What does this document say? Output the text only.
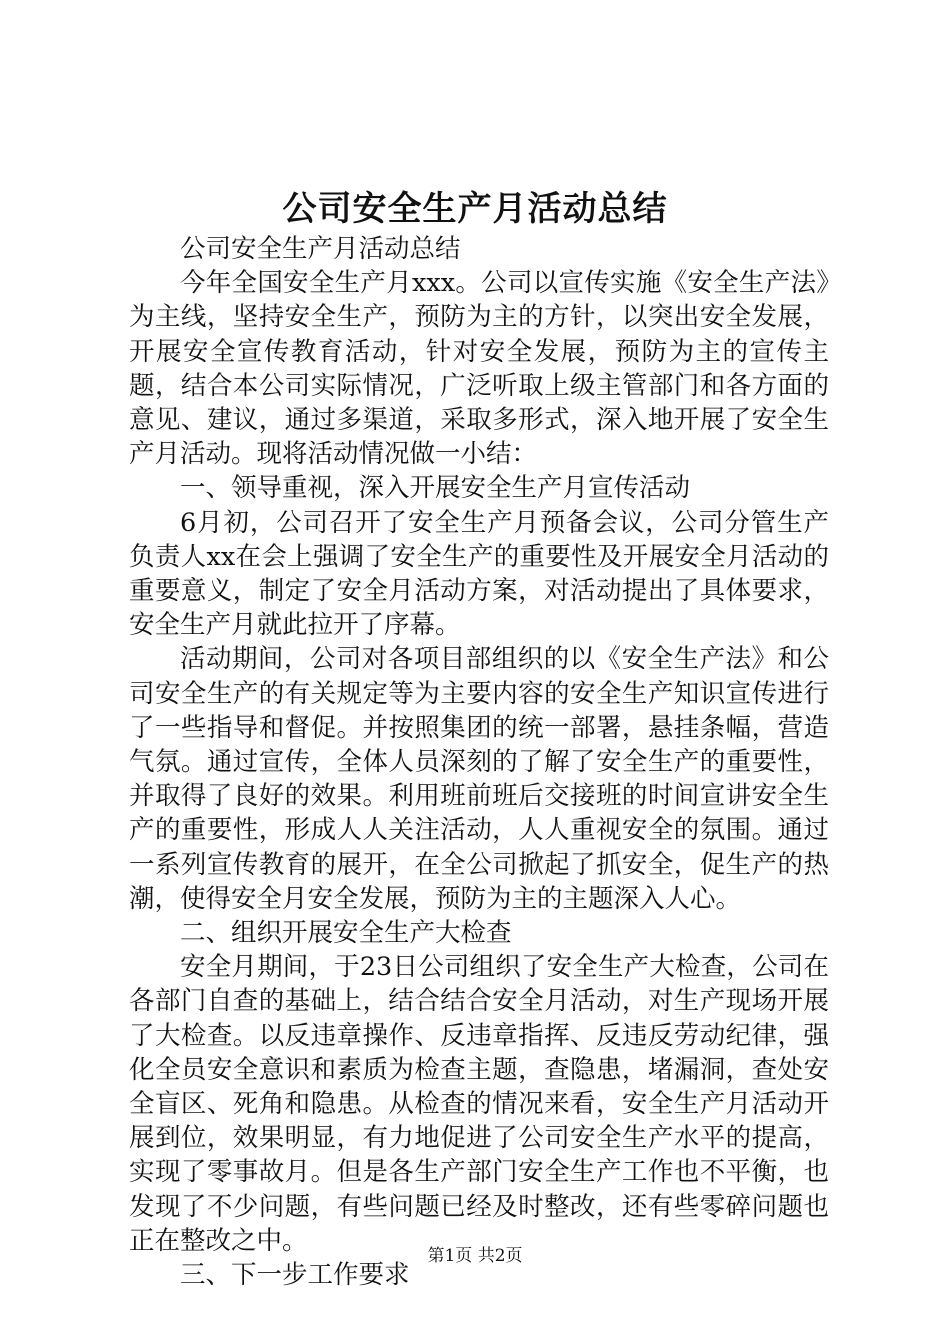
公司安全生产月活动总结

公司安全生产月活动总结

今年全国安全生产月xxx。公司以宣传实施《安全生产法》为主线，坚持安全生产，预防为主的方针，以突出安全发展，开展安全宣传教育活动，针对安全发展，预防为主的宣传主题，结合本公司实际情况，广泛听取上级主管部门和各方面的意见、建议，通过多渠道，采取多形式，深入地开展了安全生产月活动。现将活动情况做一小结：

一、领导重视，深入开展安全生产月宣传活动

6月初，公司召开了安全生产月预备会议，公司分管生产负责人xx在会上强调了安全生产的重要性及开展安全月活动的重要意义，制定了安全月活动方案，对活动提出了具体要求，安全生产月就此拉开了序幕。

活动期间，公司对各项目部组织的以《安全生产法》和公司安全生产的有关规定等为主要内容的安全生产知识宣传进行了一些指导和督促。并按照集团的统一部署，悬挂条幅，营造气氛。通过宣传，全体人员深刻的了解了安全生产的重要性，并取得了良好的效果。利用班前班后交接班的时间宣讲安全生产的重要性，形成人人关注活动，人人重视安全的氛围。通过一系列宣传教育的展开，在全公司掀起了抓安全，促生产的热潮，使得安全月安全发展，预防为主的主题深入人心。

二、组织开展安全生产大检查

安全月期间，于23日公司组织了安全生产大检查，公司在各部门自查的基础上，结合结合安全月活动，对生产现场开展了大检查。以反违章操作、反违章指挥、反违反劳动纪律，强化全员安全意识和素质为检查主题，查隐患，堵漏洞，查处安全盲区、死角和隐患。从检查的情况来看，安全生产月活动开展到位，效果明显，有力地促进了公司安全生产水平的提高，实现了零事故月。但是各生产部门安全生产工作也不平衡，也发现了不少问题，有些问题已经及时整改，还有些零碎问题也正在整改之中。

三、下一步工作要求

第1页 共2页
